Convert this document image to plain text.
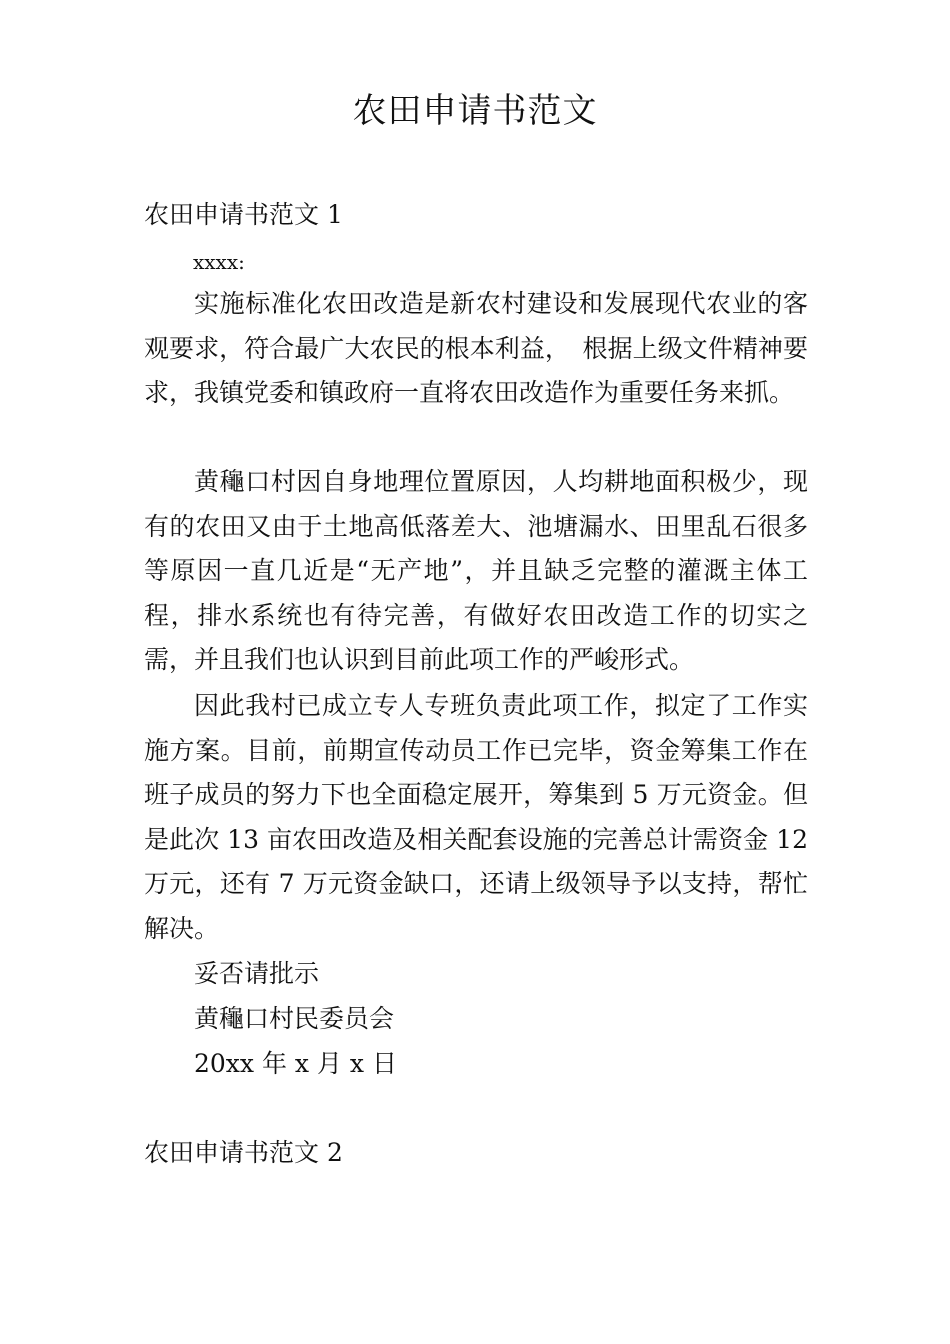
农田申请书范文
农田申请书范文 1
xxxx:

实施标准化农田改造是新农村建设和发展现代农业的客观要求，符合最广大农民的根本利益，　根据上级文件精神要求，我镇党委和镇政府一直将农田改造作为重要任务来抓。

黄龝口村因自身地理位置原因，人均耕地面积极少，现有的农田又由于土地高低落差大、池塘漏水、田里乱石很多等原因一直几近是“无产地”，并且缺乏完整的灌溉主体工程，排水系统也有待完善，有做好农田改造工作的切实之需，并且我们也认识到目前此项工作的严峻形式。

因此我村已成立专人专班负责此项工作，拟定了工作实施方案。目前，前期宣传动员工作已完毕，资金筹集工作在班子成员的努力下也全面稳定展开，筹集到 5 万元资金。但是此次 13 亩农田改造及相关配套设施的完善总计需资金 12 万元，还有 7 万元资金缺口，还请上级领导予以支持，帮忙解决。

妥否请批示
黄龝口村民委员会
20xx 年 x 月 x 日
农田申请书范文 2
